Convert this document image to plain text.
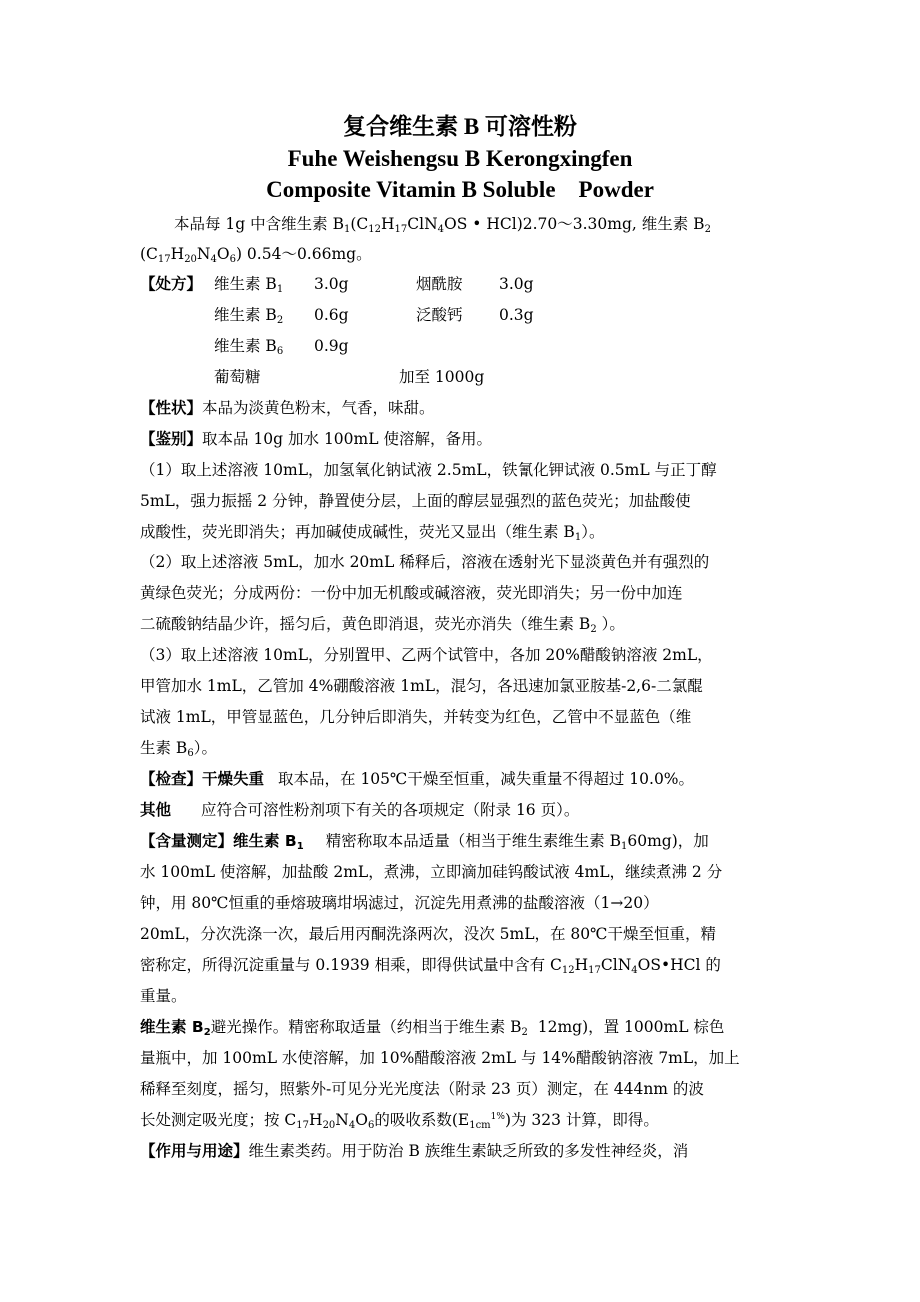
复合维生素 B 可溶性粉
Fuhe Weishengsu B Kerongxingfen
Composite Vitamin B Soluble    Powder
本品每 1g 中含维生素 $B_1(C_{12}H_{17}ClN_4OS$ • HCl)2.70～3.30mg, 维生素 $B_2$
$(C_{17}H_{20}N_4O_6)$ 0.54～0.66mg。
【处方】 维生素 $B_1$ 3.0g	烟酰胺 3.0g
维生素 $B_2$ 0.6g	泛酸钙 0.3g
维生素 $B_6$ 0.9g
葡萄糖	加至 1000g
【性状】本品为淡黄色粉末，气香，味甜。
【鉴别】取本品 10g 加水 100mL 使溶解，备用。
（1）取上述溶液 10mL，加氢氧化钠试液 2.5mL，铁氰化钾试液 0.5mL 与正丁醇
5mL，强力振摇 2 分钟，静置使分层，上面的醇层显强烈的蓝色荧光；加盐酸使
成酸性，荧光即消失；再加碱使成碱性，荧光又显出（维生素 $B_1$）。
（2）取上述溶液 5mL，加水 20mL 稀释后，溶液在透射光下显淡黄色并有强烈的
黄绿色荧光；分成两份：一份中加无机酸或碱溶液，荧光即消失；另一份中加连
二硫酸钠结晶少许，摇匀后，黄色即消退，荧光亦消失（维生素 $B_2$ ）。
（3）取上述溶液 10mL，分别置甲、乙两个试管中，各加 20%醋酸钠溶液 2mL，
甲管加水 1mL，乙管加 4%硼酸溶液 1mL，混匀，各迅速加氯亚胺基-2,6-二氯醌
试液 1mL，甲管显蓝色，几分钟后即消失，并转变为红色，乙管中不显蓝色（维
生素 $B_6$）。
【检查】干燥失重 取本品，在 105℃干燥至恒重，减失重量不得超过 10.0%。
其他 应符合可溶性粉剂项下有关的各项规定（附录 16 页）。
【含量测定】维生素 $B_1$ 精密称取本品适量（相当于维生素维生素 $B_160mg$)，加
水 100mL 使溶解，加盐酸 2mL，煮沸，立即滴加硅钨酸试液 4mL，继续煮沸 2 分
钟，用 80℃恒重的垂熔玻璃坩埚滤过，沉淀先用煮沸的盐酸溶液（1→20）
20mL，分次洗涤一次，最后用丙酮洗涤两次，没次 5mL，在 80℃干燥至恒重，精
密称定，所得沉淀重量与 0.1939 相乘，即得供试量中含有 $C_{12}H_{17}ClN_4OS•HCl$ 的
重量。
维生素 $B_2$避光操作。精密称取适量（约相当于维生素 $B_2$  12mg)，置 1000mL 棕色
量瓶中，加 100mL 水使溶解，加 10%醋酸溶液 2mL 与 14%醋酸钠溶液 7mL，加上
稀释至刻度，摇匀，照紫外-可见分光光度法（附录 23 页）测定，在 444nm 的波
长处测定吸光度；按 $C_{17}H_{20}N_4O_6$的吸收系数$(E_{1cm}^{1\%})$为 323 计算，即得。
【作用与用途】维生素类药。用于防治 B 族维生素缺乏所致的多发性神经炎，消
